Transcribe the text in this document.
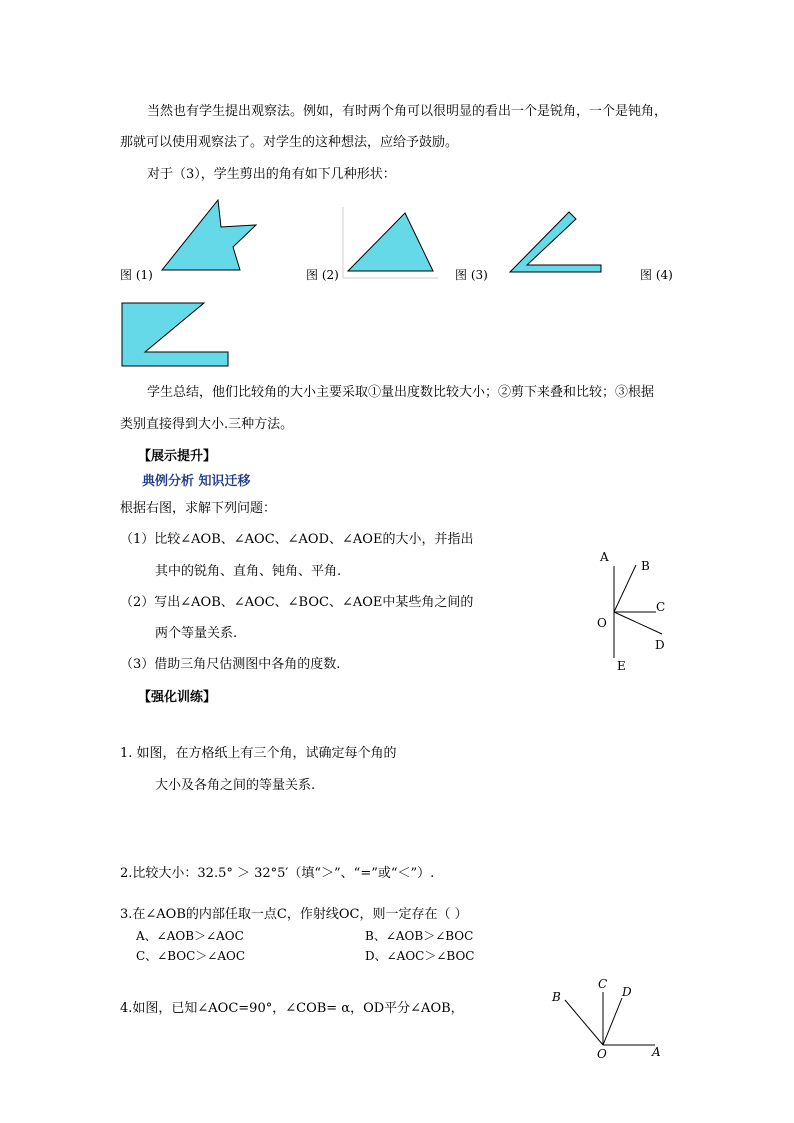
当然也有学生提出观察法。例如，有时两个角可以很明显的看出一个是锐角，一个是钝角，
那就可以使用观察法了。对学生的这种想法，应给予鼓励。
对于（3），学生剪出的角有如下几种形状：
图 (1)	图 (2)	图 (3)	图 (4)
学生总结，他们比较角的大小主要采取①量出度数比较大小；②剪下来叠和比较；③根据
类别直接得到大小.三种方法。
【展示提升】
典例分析 知识迁移
根据右图，求解下列问题：
（1）比较∠AOB、∠AOC、∠AOD、∠AOE的大小，并指出
其中的锐角、直角、钝角、平角.
（2）写出∠AOB、∠AOC、∠BOC、∠AOE中某些角之间的
两个等量关系.
（3）借助三角尺估测图中各角的度数.
A
B
C
O
D
E
【强化训练】
1. 如图，在方格纸上有三个角，试确定每个角的
大小及各角之间的等量关系.
2.比较大小：32.5° ＞ 32°5′（填“＞”、“=”或“＜”）.
3.在∠AOB的内部任取一点C，作射线OC，则一定存在（ ）
A、∠AOB＞∠AOC	B、∠AOB＞∠BOC
C、∠BOC＞∠AOC	D、∠AOC＞∠BOC
4.如图，已知∠AOC=90°，∠COB= α，OD平分∠AOB，
B
C
D
O	A
